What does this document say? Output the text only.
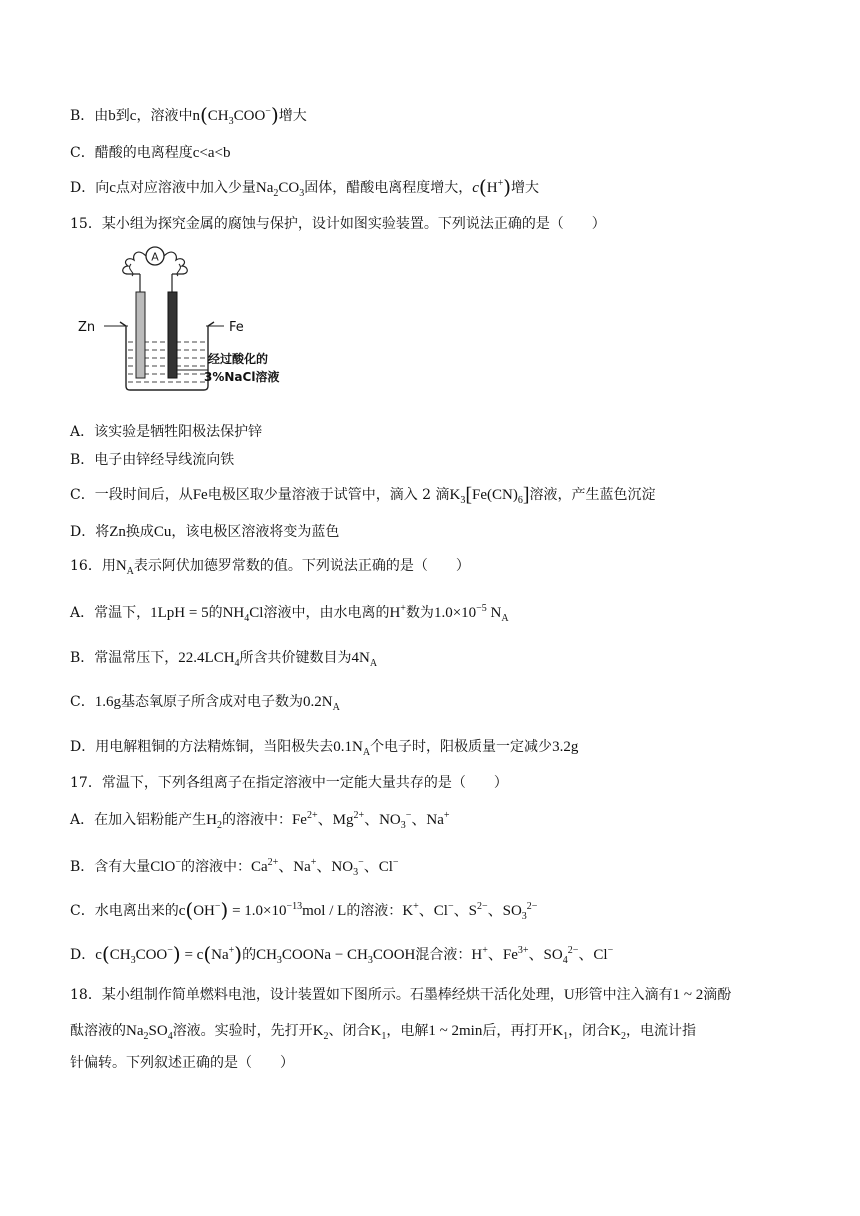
B．由b到c，溶液中$n(CH_3COO^-)$增大
C．醋酸的电离程度c<a<b
D．向c点对应溶液中加入少量$Na_2CO_3$固体，醋酸电离程度增大，c(H+)增大
15．某小组为探究金属的腐蚀与保护，设计如图实验装置。下列说法正确的是（　　）
A
Zn	Fe
经过酸化的
3%NaCl溶液
A．该实验是牺牲阳极法保护锌
B．电子由锌经导线流向铁
C．一段时间后，从Fe电极区取少量溶液于试管中，滴入 2 滴$K_3[Fe(CN)_6]$溶液，产生蓝色沉淀
D．将Zn换成Cu，该电极区溶液将变为蓝色
16．用$N_A$表示阿伏加德罗常数的值。下列说法正确的是（　　）
A．常温下，1LpH = 5的$NH_4Cl$溶液中，由水电离的H+数为$1.0\times 10^{-5}$ $N_A$
B．常温常压下，$22.4LCH_4$所含共价键数目为$4N_A$
C．1.6g基态氧原子所含成对电子数为$0.2N_A$
D．用电解粗铜的方法精炼铜，当阳极失去$0.1N_A$个电子时，阳极质量一定减少3.2g
17．常温下，下列各组离子在指定溶液中一定能大量共存的是（　　）
A．在加入铝粉能产生$H_2$的溶液中：$Fe^{2+}$、$Mg^{2+}$、$NO_3^-$、Na+
B．含有大量ClO−的溶液中：$Ca^{2+}$、Na+、$NO_3^-$、Cl−
C．水电离出来的$c(OH^-) = 1.0\times 10^{-13}mol / L$的溶液：K+、Cl−、$S^{2-}$、$SO_3^{2-}$
D．$c(CH_3COO^-) = c(Na^+)$的$CH_3COONa$ − $CH_3COOH$混合液：H+、$Fe^{3+}$、$SO_4^{2-}$、Cl−
18．某小组制作简单燃料电池，设计装置如下图所示。石墨棒经烘干活化处理，U形管中注入滴有1 ~ 2滴酚
酞溶液的$Na_2SO_4$溶液。实验时，先打开$K_2$、闭合$K_1$，电解1 ~ 2min后，再打开$K_1$，闭合$K_2$，电流计指
针偏转。下列叙述正确的是（　　）
